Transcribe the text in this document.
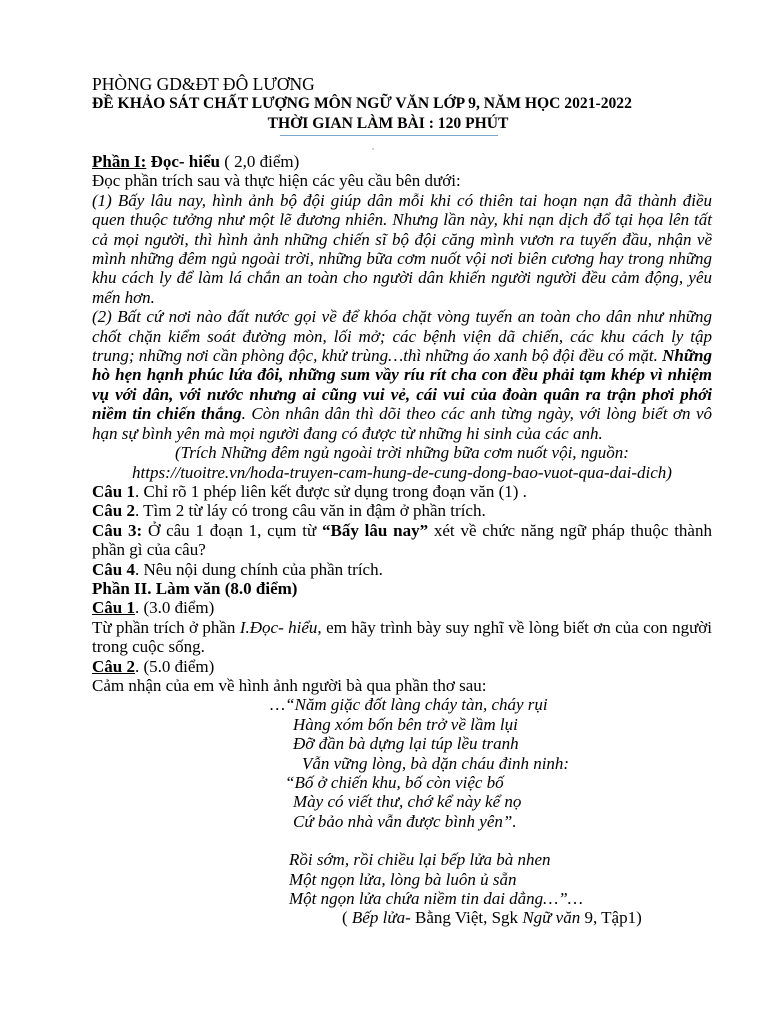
PHÒNG GD&ĐT ĐÔ LƯƠNG
ĐỀ KHẢO SÁT CHẤT LƯỢNG MÔN NGỮ VĂN LỚP 9, NĂM HỌC 2021-2022
THỜI GIAN LÀM BÀI : 120 PHÚT

Phần I: Đọc- hiểu ( 2,0 điểm)

Đọc phần trích sau và thực hiện các yêu cầu bên dưới:

(1) Bấy lâu nay, hình ảnh bộ đội giúp dân mỗi khi có thiên tai hoạn nạn đã thành điều quen thuộc tưởng như một lẽ đương nhiên. Nhưng lần này, khi nạn dịch đổ tại họa lên tất cả mọi người, thì hình ảnh những chiến sĩ bộ đội căng mình vươn ra tuyến đầu, nhận về mình những đêm ngủ ngoài trời, những bữa cơm nuốt vội nơi biên cương hay trong những khu cách ly để làm lá chắn an toàn cho người dân khiến người người đều cảm động, yêu mến hơn.

(2) Bất cứ nơi nào đất nước gọi về để khóa chặt vòng tuyến an toàn cho dân như những chốt chặn kiểm soát đường mòn, lối mở; các bệnh viện dã chiến, các khu cách ly tập trung; những nơi cần phòng độc, khử trùng…thì những áo xanh bộ đội đều có mặt. Những hò hẹn hạnh phúc lứa đôi, những sum vầy ríu rít cha con đều phải tạm khép vì nhiệm vụ với dân, với nước nhưng ai cũng vui vẻ, cái vui của đoàn quân ra trận phơi phới niềm tin chiến thắng. Còn nhân dân thì dõi theo các anh từng ngày, với lòng biết ơn vô hạn sự bình yên mà mọi người đang có được từ những hi sinh của các anh.

(Trích Những đêm ngủ ngoài trời những bữa cơm nuốt vội, nguồn:

https://tuoitre.vn/hoda-truyen-cam-hung-de-cung-dong-bao-vuot-qua-dai-dich)

Câu 1. Chỉ rõ 1 phép liên kết được sử dụng trong đoạn văn (1) .

Câu 2. Tìm 2 từ láy có trong câu văn in đậm ở phần trích.

Câu 3: Ở câu 1 đoạn 1, cụm từ “Bấy lâu nay” xét về chức năng ngữ pháp thuộc thành phần gì của câu?

Câu 4. Nêu nội dung chính của phần trích.

Phần II. Làm văn (8.0 điểm)

Câu 1. (3.0 điểm)

Từ phần trích ở phần I.Đọc- hiểu, em hãy trình bày suy nghĩ về lòng biết ơn của con người trong cuộc sống.

Câu 2. (5.0 điểm)

Cảm nhận của em về hình ảnh người bà qua phần thơ sau:

…“Năm giặc đốt làng cháy tàn, cháy rụi
Hàng xóm bốn bên trở về lầm lụi
Đỡ đần bà dựng lại túp lều tranh
Vẫn vững lòng, bà dặn cháu đinh ninh:
“Bố ở chiến khu, bố còn việc bố
Mày có viết thư, chớ kể này kể nọ
Cứ bảo nhà vẫn được bình yên”.
Rồi sớm, rồi chiều lại bếp lửa bà nhen
Một ngọn lửa, lòng bà luôn ủ sẵn
Một ngọn lửa chứa niềm tin dai dẳng…”…

( Bếp lửa- Bằng Việt, Sgk Ngữ văn 9, Tập1)
